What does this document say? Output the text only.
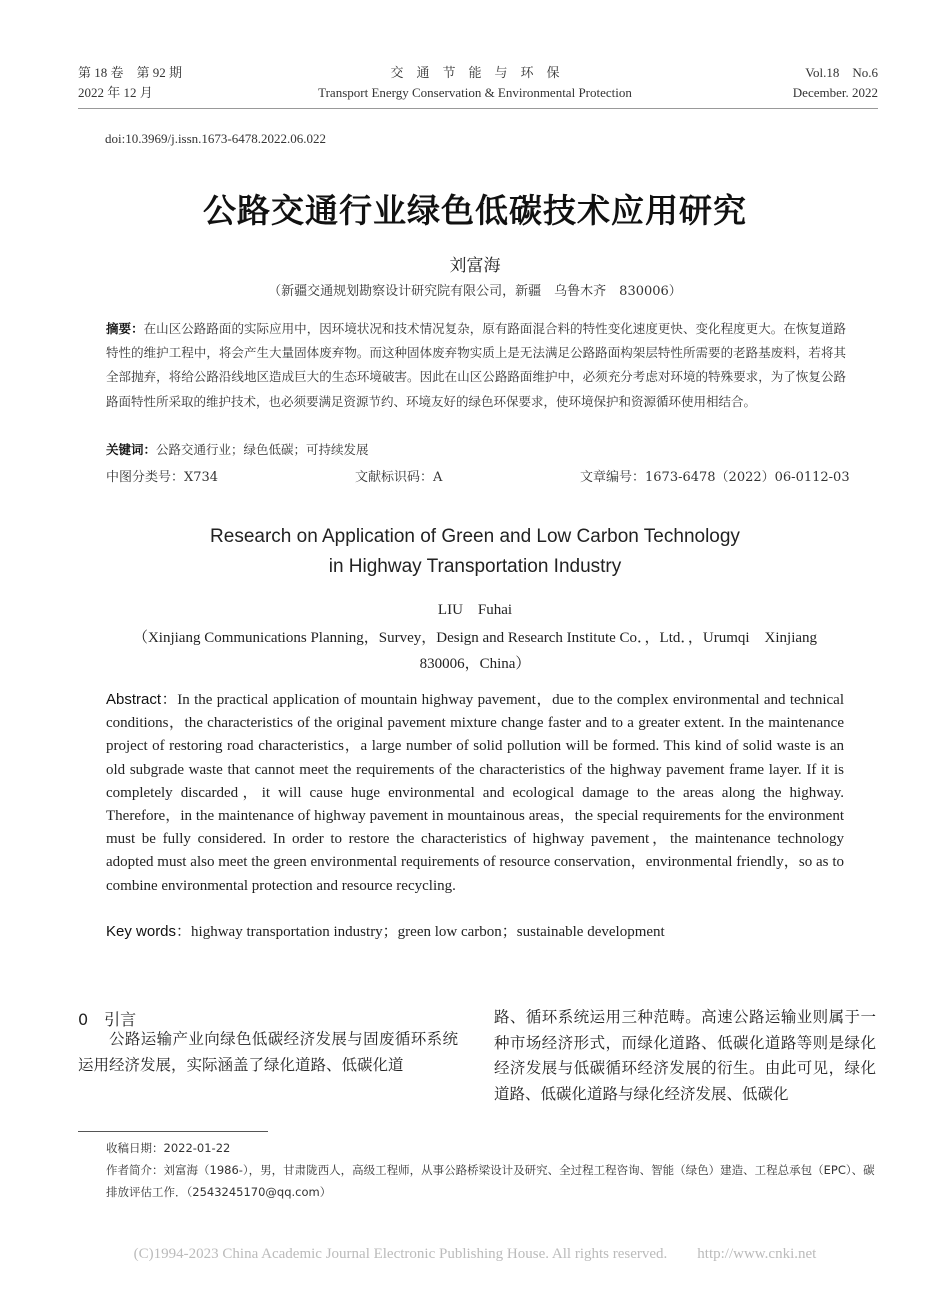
第 18 卷　第 92 期
2022 年 12 月
交　通　节　能　与　环　保
Transport Energy Conservation & Environmental Protection
Vol.18　No.6
December. 2022
doi:10.3969/j.issn.1673-6478.2022.06.022
公路交通行业绿色低碳技术应用研究
刘富海
（新疆交通规划勘察设计研究院有限公司，新疆　乌鲁木齐　830006）
摘要：在山区公路路面的实际应用中，因环境状况和技术情况复杂，原有路面混合料的特性变化速度更快、变化程度更大。在恢复道路特性的维护工程中，将会产生大量固体废弃物。而这种固体废弃物实质上是无法满足公路路面构架层特性所需要的老路基废料，若将其全部抛弃，将给公路沿线地区造成巨大的生态环境破害。因此在山区公路路面维护中，必须充分考虑对环境的特殊要求，为了恢复公路路面特性所采取的维护技术，也必须要满足资源节约、环境友好的绿色环保要求，使环境保护和资源循环使用相结合。
关键词：公路交通行业；绿色低碳；可持续发展
中图分类号：X734	文献标识码：A	文章编号：1673-6478（2022）06-0112-03
Research on Application of Green and Low Carbon Technology
in Highway Transportation Industry
LIU　Fuhai
（Xinjiang Communications Planning，Survey，Design and Research Institute Co．，Ltd．，Urumqi　Xinjiang 830006，China）
Abstract：In the practical application of mountain highway pavement，due to the complex environmental and technical conditions，the characteristics of the original pavement mixture change faster and to a greater extent. In the maintenance project of restoring road characteristics，a large number of solid pollution will be formed. This kind of solid waste is an old subgrade waste that cannot meet the requirements of the characteristics of the highway pavement frame layer. If it is completely discarded，it will cause huge environmental and ecological damage to the areas along the highway. Therefore，in the maintenance of highway pavement in mountainous areas，the special requirements for the environment must be fully considered. In order to restore the characteristics of highway pavement，the maintenance technology adopted must also meet the green environmental requirements of resource conservation，environmental friendly，so as to combine environmental protection and resource recycling.
Key words：highway transportation industry；green low carbon；sustainable development
0　引言

公路运输产业向绿色低碳经济发展与固废循环系统运用经济发展，实际涵盖了绿化道路、低碳化道

路、循环系统运用三种范畴。高速公路运输业则属于一种市场经济形式，而绿化道路、低碳化道路等则是绿化经济发展与低碳循环经济发展的衍生。由此可见，绿化道路、低碳化道路与绿化经济发展、低碳化

收稿日期：2022-01-22

作者简介：刘富海（1986-），男，甘肃陇西人，高级工程师，从事公路桥梁设计及研究、全过程工程咨询、智能（绿色）建造、工程总承包（EPC）、碳排放评估工作．（2543245170@qq.com）

(C)1994-2023 China Academic Journal Electronic Publishing House. All rights reserved.　　http://www.cnki.net
